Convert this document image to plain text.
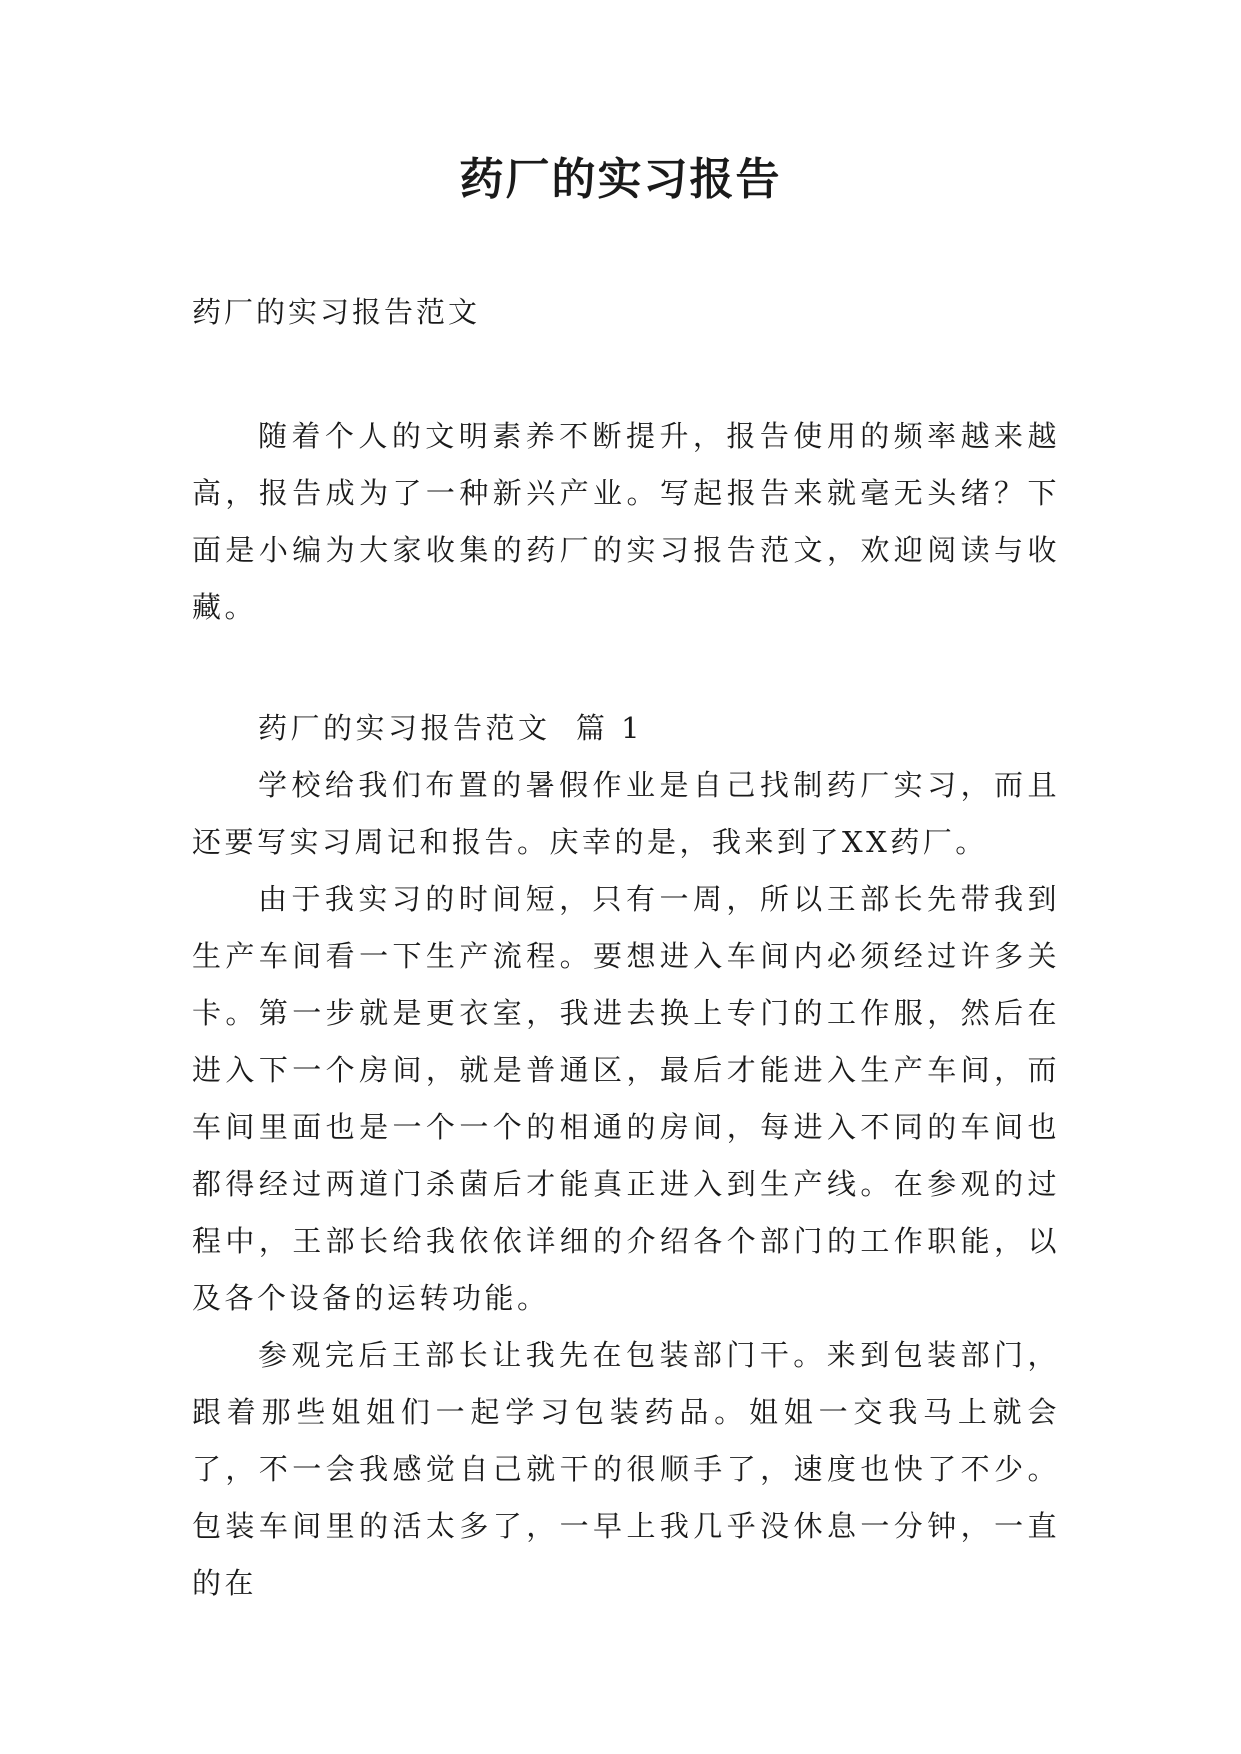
药厂的实习报告

药厂的实习报告范文

随着个人的文明素养不断提升，报告使用的频率越来越高，报告成为了一种新兴产业。写起报告来就毫无头绪？下面是小编为大家收集的药厂的实习报告范文，欢迎阅读与收藏。

药厂的实习报告范文  篇 1

学校给我们布置的暑假作业是自己找制药厂实习，而且还要写实习周记和报告。庆幸的是，我来到了XX药厂。

由于我实习的时间短，只有一周，所以王部长先带我到生产车间看一下生产流程。要想进入车间内必须经过许多关卡。第一步就是更衣室，我进去换上专门的工作服，然后在进入下一个房间，就是普通区，最后才能进入生产车间，而车间里面也是一个一个的相通的房间，每进入不同的车间也都得经过两道门杀菌后才能真正进入到生产线。在参观的过程中，王部长给我依依详细的介绍各个部门的工作职能，以及各个设备的运转功能。

参观完后王部长让我先在包装部门干。来到包装部门，跟着那些姐姐们一起学习包装药品。姐姐一交我马上就会了，不一会我感觉自己就干的很顺手了，速度也快了不少。包装车间里的活太多了，一早上我几乎没休息一分钟，一直的在
